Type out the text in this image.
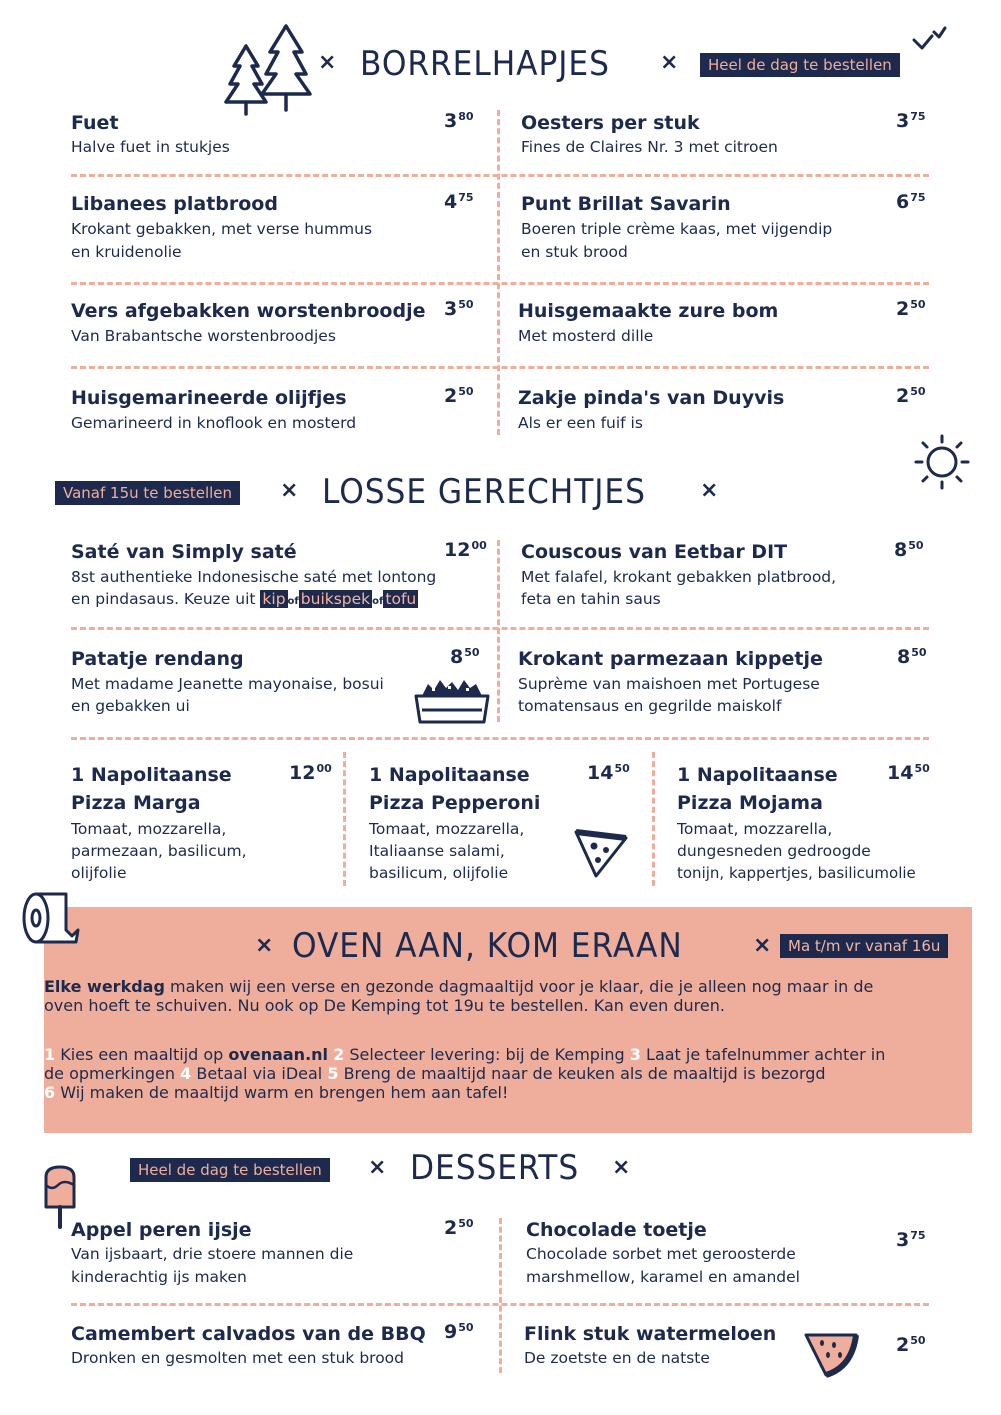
× BORRELHAPJES ×	Heel de dag te bestellen
Fuet
Halve fuet in stukjes
$3^{80}$
Libanees platbrood
Krokant gebakken, met verse hummus
en kruidenolie
$4^{75}$
Vers afgebakken worstenbroodje
Van Brabantsche worstenbroodjes
$3^{50}$
Huisgemarineerde olijfjes
Gemarineerd in knoflook en mosterd
$2^{50}$
Oesters per stuk
Fines de Claires Nr. 3 met citroen
$3^{75}$
Punt Brillat Savarin
Boeren triple crème kaas, met vijgendip
en stuk brood
$6^{75}$
Huisgemaakte zure bom
Met mosterd dille
$2^{50}$
Zakje pinda's van Duyvis
Als er een fuif is
$2^{50}$
Vanaf 15u te bestellen	× LOSSE GERECHTJES ×
Saté van Simply saté
8st authentieke Indonesische saté met lontong
en pindasaus. Keuze uit kip of buikspek of tofu
$12^{00}$ Couscous van Eetbar DIT
Met falafel, krokant gebakken platbrood,
feta en tahin saus
$8^{50}$
Patatje rendang
Met madame Jeanette mayonaise, bosui
en gebakken ui
$8^{50}$ Krokant parmezaan kippetje
Suprème van maishoen met Portugese
tomatensaus en gegrilde maiskolf
$8^{50}$
1 Napolitaanse
Pizza Marga
Tomaat, mozzarella,
parmezaan, basilicum,
olijfolie
$12^{00}$ 1 Napolitaanse
Pizza Pepperoni
Tomaat, mozzarella,
Italiaanse salami,
basilicum, olijfolie
$14^{50}$ 1 Napolitaanse
Pizza Mojama
Tomaat, mozzarella,
dungesneden gedroogde
tonijn, kappertjes, basilicumolie
$14^{50}$
× OVEN AAN, KOM ERAAN	×	Ma t/m vr vanaf 16u

Elke werkdag maken wij een verse en gezonde dagmaaltijd voor je klaar, die je alleen nog maar in de

oven hoeft te schuiven. Nu ook op De Kemping tot 19u te bestellen. Kan even duren.

1 Kies een maaltijd op ovenaan.nl 2 Selecteer levering: bij de Kemping 3 Laat je tafelnummer achter in

de opmerkingen 4 Betaal via iDeal 5 Breng de maaltijd naar de keuken als de maaltijd is bezorgd

6 Wij maken de maaltijd warm en brengen hem aan tafel!

Heel de dag te bestellen	× DESSERTS ×
Appel peren ijsje
Van ijsbaart, drie stoere mannen die
kinderachtig ijs maken
$2^{50}$
Camembert calvados van de BBQ
Dronken en gesmolten met een stuk brood
$9^{50}$
Chocolade toetje
Chocolade sorbet met geroosterde
marshmellow, karamel en amandel
$3^{75}$
Flink stuk watermeloen
De zoetste en de natste
$2^{50}$
